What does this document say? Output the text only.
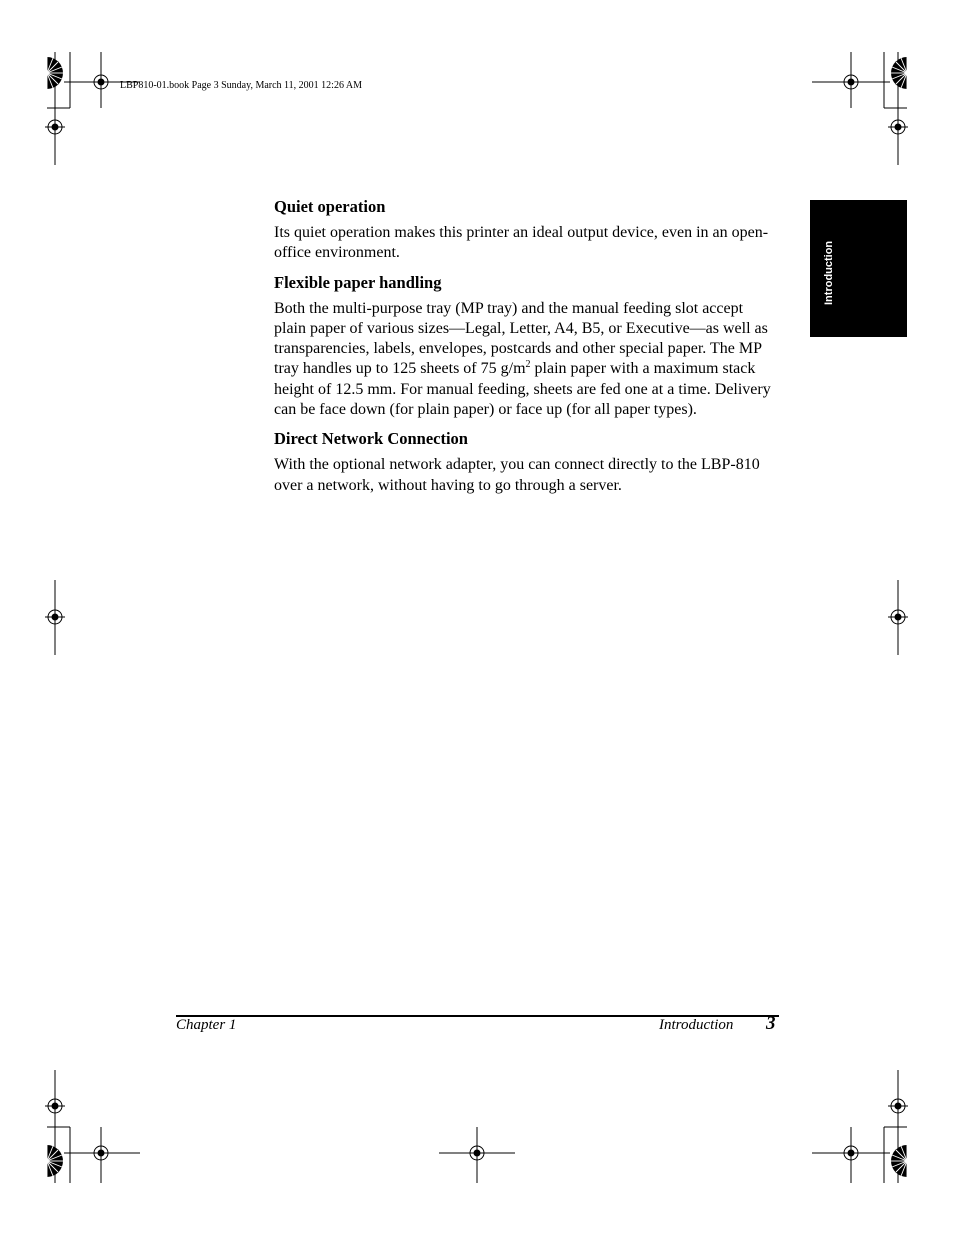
LBP810-01.book Page 3 Sunday, March 11, 2001 12:26 AM
Introduction
Quiet operation

Its quiet operation makes this printer an ideal output device, even in an open-office environment.

Flexible paper handling

Both the multi-purpose tray (MP tray) and the manual feeding slot accept plain paper of various sizes—Legal, Letter, A4, B5, or Executive—as well as transparencies, labels, envelopes, postcards and other special paper. The MP tray handles up to 125 sheets of 75 $g/m^2$ plain paper with a maximum stack height of 12.5 mm. For manual feeding, sheets are fed one at a time. Delivery can be face down (for plain paper) or face up (for all paper types).

Direct Network Connection

With the optional network adapter, you can connect directly to the LBP-810 over a network, without having to go through a server.

Chapter 1	Introduction 3
